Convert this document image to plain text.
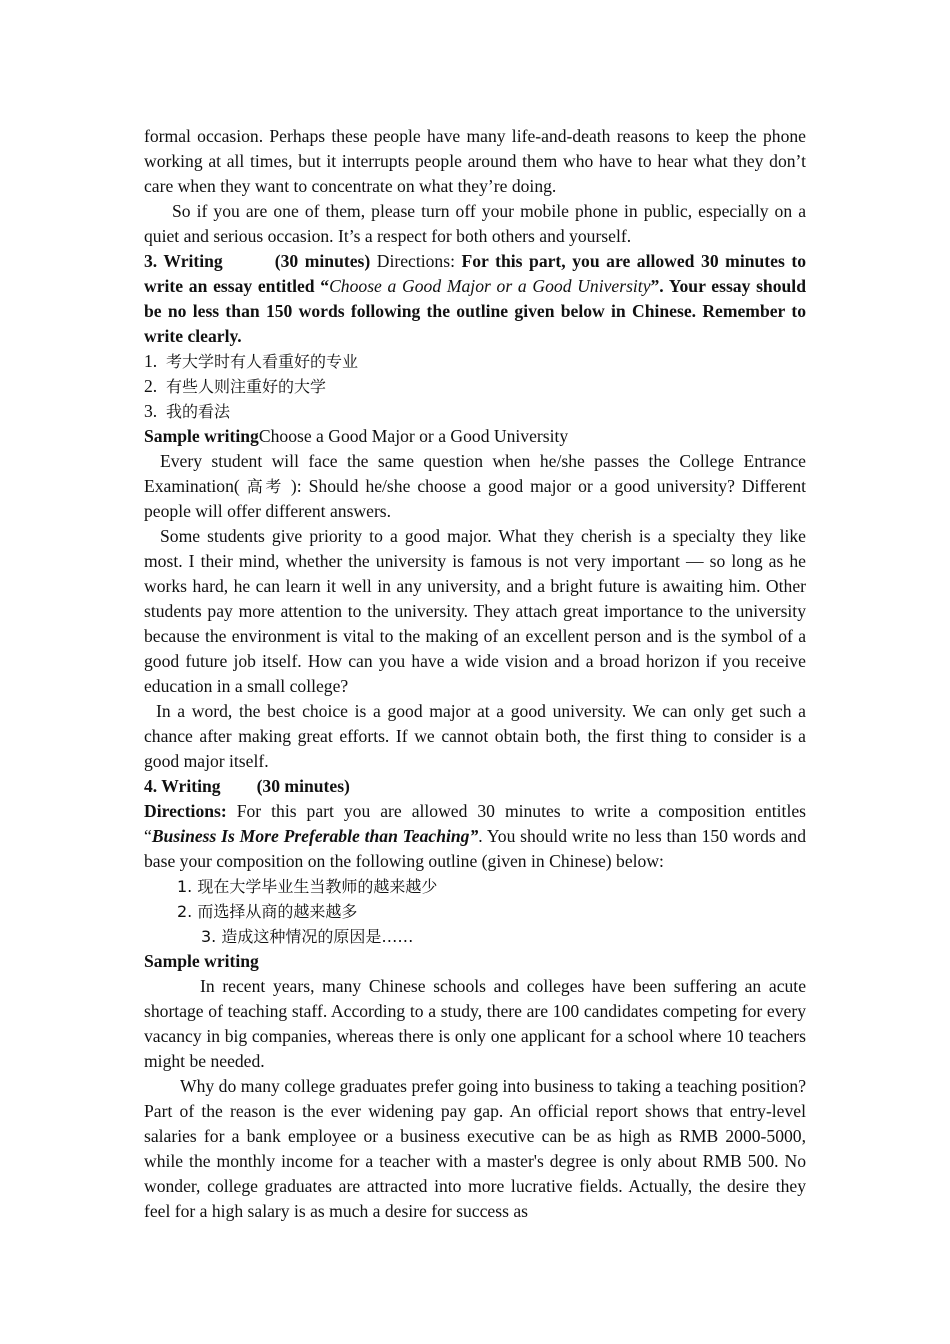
formal occasion. Perhaps these people have many life-and-death reasons to keep the phone working at all times, but it interrupts people around them who have to hear what they don’t care when they want to concentrate on what they’re doing.

So if you are one of them, please turn off your mobile phone in public, especially on a quiet and serious occasion. It’s a respect for both others and yourself.

3. Writing	(30 minutes) Directions: For this part, you are allowed 30 minutes to write an essay entitled “Choose a Good Major or a Good University”. Your essay should be no less than 150 words following the outline given below in Chinese. Remember to write clearly.

1. 考大学时有人看重好的专业

2. 有些人则注重好的大学

3. 我的看法

Sample writingChoose a Good Major or a Good University

Every student will face the same question when he/she passes the College Entrance Examination( 高考 ): Should he/she choose a good major or a good university? Different people will offer different answers.

Some students give priority to a good major. What they cherish is a specialty they like most. I their mind, whether the university is famous is not very important — so long as he works hard, he can learn it well in any university, and a bright future is awaiting him. Other students pay more attention to the university. They attach great importance to the university because the environment is vital to the making of an excellent person and is the symbol of a good future job itself. How can you have a wide vision and a broad horizon if you receive education in a small college?

In a word, the best choice is a good major at a good university. We can only get such a chance after making great efforts. If we cannot obtain both, the first thing to consider is a good major itself.

4. Writing (30 minutes)

Directions: For this part you are allowed 30 minutes to write a composition entitles “Business Is More Preferable than Teaching”. You should write no less than 150 words and base your composition on the following outline (given in Chinese) below:

1. 现在大学毕业生当教师的越来越少

2. 而选择从商的越来越多

3. 造成这种情况的原因是……

Sample writing

In recent years, many Chinese schools and colleges have been suffering an acute shortage of teaching staff. According to a study, there are 100 candidates competing for every vacancy in big companies, whereas there is only one applicant for a school where 10 teachers might be needed.

Why do many college graduates prefer going into business to taking a teaching position? Part of the reason is the ever widening pay gap. An official report shows that entry-level salaries for a bank employee or a business executive can be as high as RMB 2000-5000, while the monthly income for a teacher with a master's degree is only about RMB 500. No wonder, college graduates are attracted into more lucrative fields. Actually, the desire they feel for a high salary is as much a desire for success as
